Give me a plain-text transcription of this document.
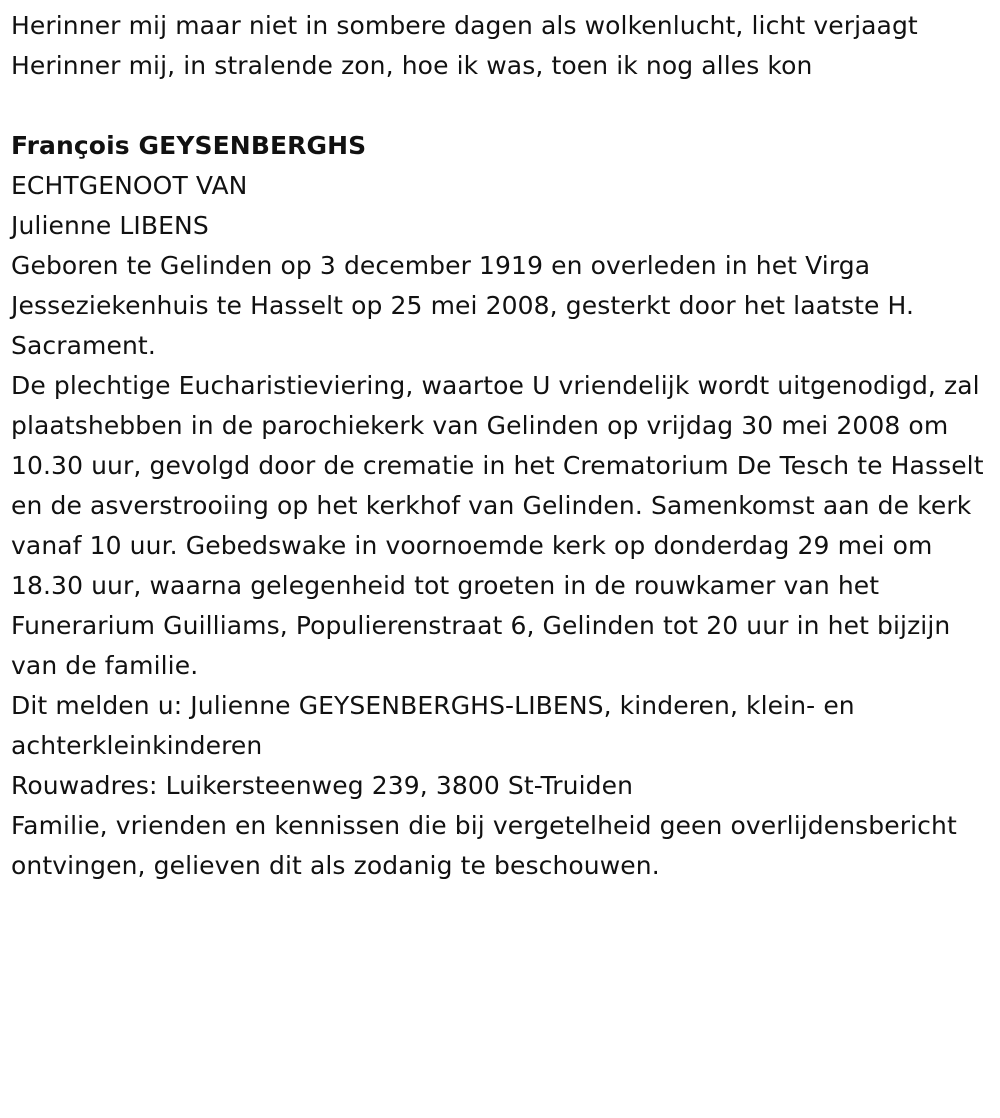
Herinner mij maar niet in sombere dagen als wolkenlucht, licht verjaagt

Herinner mij, in stralende zon, hoe ik was, toen ik nog alles kon

François GEYSENBERGHS

ECHTGENOOT VAN

Julienne LIBENS

Geboren te Gelinden op 3 december 1919 en overleden in het Virga Jesseziekenhuis te Hasselt op 25 mei 2008, gesterkt door het laatste H. Sacrament.

De plechtige Eucharistieviering, waartoe U vriendelijk wordt uitgenodigd, zal plaatshebben in de parochiekerk van Gelinden op vrijdag 30 mei 2008 om 10.30 uur, gevolgd door de crematie in het Crematorium De Tesch te Hasselt en de asverstrooiing op het kerkhof van Gelinden. Samenkomst aan de kerk vanaf 10 uur. Gebedswake in voornoemde kerk op donderdag 29 mei om 18.30 uur, waarna gelegenheid tot groeten in de rouwkamer van het Funerarium Guilliams, Populierenstraat 6, Gelinden tot 20 uur in het bijzijn van de familie.

Dit melden u: Julienne GEYSENBERGHS-LIBENS, kinderen, klein- en achterkleinkinderen

Rouwadres: Luikersteenweg 239, 3800 St-Truiden

Familie, vrienden en kennissen die bij vergetelheid geen overlijdensbericht ontvingen, gelieven dit als zodanig te beschouwen.
